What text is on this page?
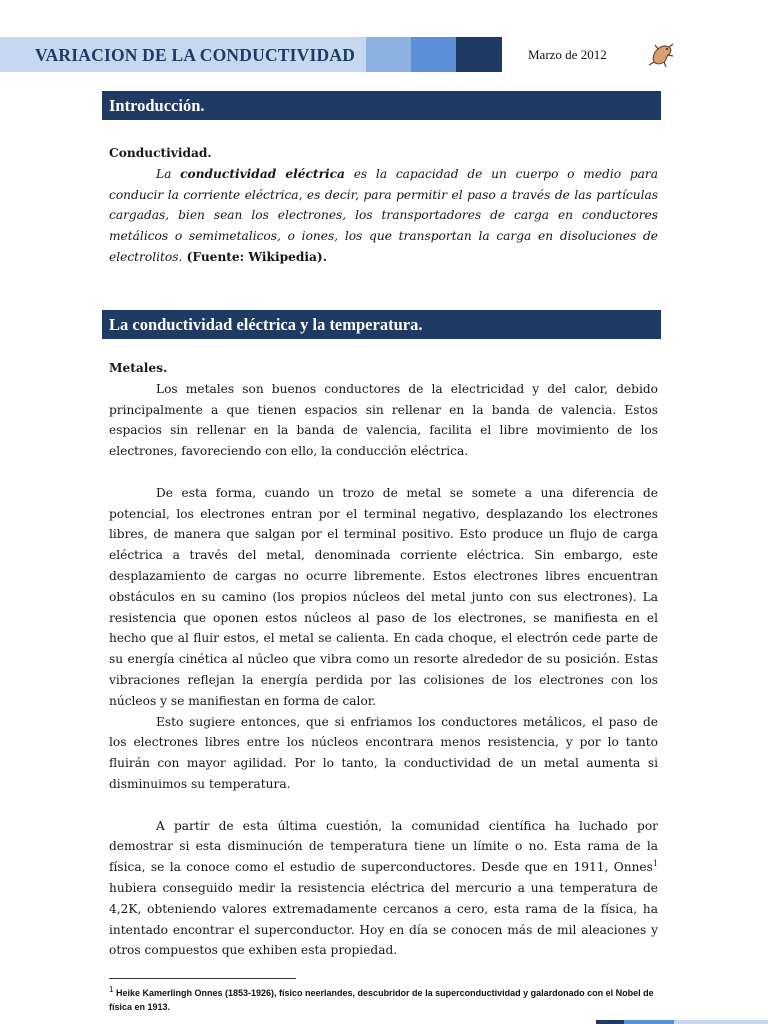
VARIACION DE LA CONDUCTIVIDAD	Marzo de 2012
Introducción.

Conductividad.

La conductividad eléctrica es la capacidad de un cuerpo o medio para conducir la corriente eléctrica, es decir, para permitir el paso a través de las partículas cargadas, bien sean los electrones, los transportadores de carga en conductores metálicos o semimetalicos, o iones, los que transportan la carga en disoluciones de electrolitos. (Fuente: Wikipedia).

La conductividad eléctrica y la temperatura.

Metales.

Los metales son buenos conductores de la electricidad y del calor, debido principalmente a que tienen espacios sin rellenar en la banda de valencia. Estos espacios sin rellenar en la banda de valencia, facilita el libre movimiento de los electrones, favoreciendo con ello, la conducción eléctrica.

De esta forma, cuando un trozo de metal se somete a una diferencia de potencial, los electrones entran por el terminal negativo, desplazando los electrones libres, de manera que salgan por el terminal positivo. Esto produce un flujo de carga eléctrica a través del metal, denominada corriente eléctrica. Sin embargo, este desplazamiento de cargas no ocurre libremente. Estos electrones libres encuentran obstáculos en su camino (los propios núcleos del metal junto con sus electrones). La resistencia que oponen estos núcleos al paso de los electrones, se manifiesta en el hecho que al fluir estos, el metal se calienta. En cada choque, el electrón cede parte de su energía cinética al núcleo que vibra como un resorte alrededor de su posición. Estas vibraciones reflejan la energía perdida por las colisiones de los electrones con los núcleos y se manifiestan en forma de calor.

Esto sugiere entonces, que si enfriamos los conductores metálicos, el paso de los electrones libres entre los núcleos encontrara menos resistencia, y por lo tanto fluirán con mayor agilidad. Por lo tanto, la conductividad de un metal aumenta si disminuimos su temperatura.

A partir de esta última cuestión, la comunidad científica ha luchado por demostrar si esta disminución de temperatura tiene un límite o no. Esta rama de la física, se la conoce como el estudio de superconductores. Desde que en 1911, Onnes$^1$ hubiera conseguido medir la resistencia eléctrica del mercurio a una temperatura de 4,2K, obteniendo valores extremadamente cercanos a cero, esta rama de la física, ha intentado encontrar el superconductor. Hoy en día se conocen más de mil aleaciones y otros compuestos que exhiben esta propiedad.

$^1$ Heike Kamerlingh Onnes (1853-1926), físico neerlandes, descubridor de la superconductividad y galardonado con el Nobel de física en 1913.
